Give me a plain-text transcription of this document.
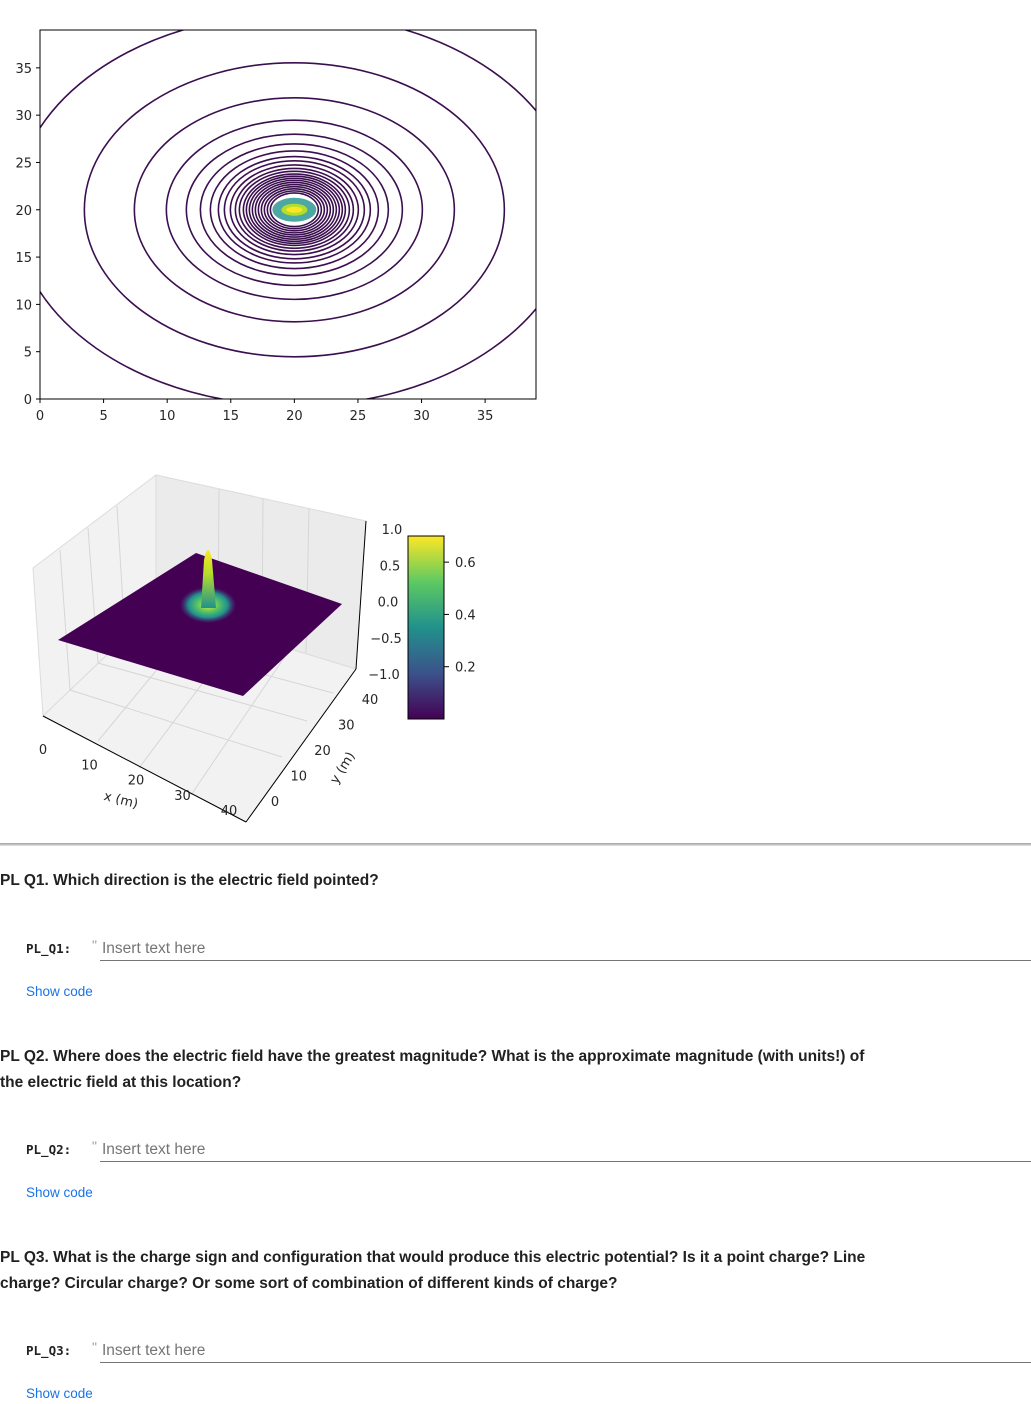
0	5	10	15	20	25	30	35
0
5
10
15
20
25
30
35
0
10
20
30
40
0
10
20
30
40
1.0
0.5
0.0
−0.5
−1.0
x (m)
y (m)
0.6
0.4
0.2
PL Q1. Which direction is the electric field pointed?
PL_Q1: "
Insert text here
Show code
PL Q2. Where does the electric field have the greatest magnitude? What is the approximate magnitude (with units!) of the electric field at this location?
PL_Q2: "
Insert text here
Show code
PL Q3. What is the charge sign and configuration that would produce this electric potential? Is it a point charge? Line charge? Circular charge? Or some sort of combination of different kinds of charge?
PL_Q3: "
Insert text here
Show code
